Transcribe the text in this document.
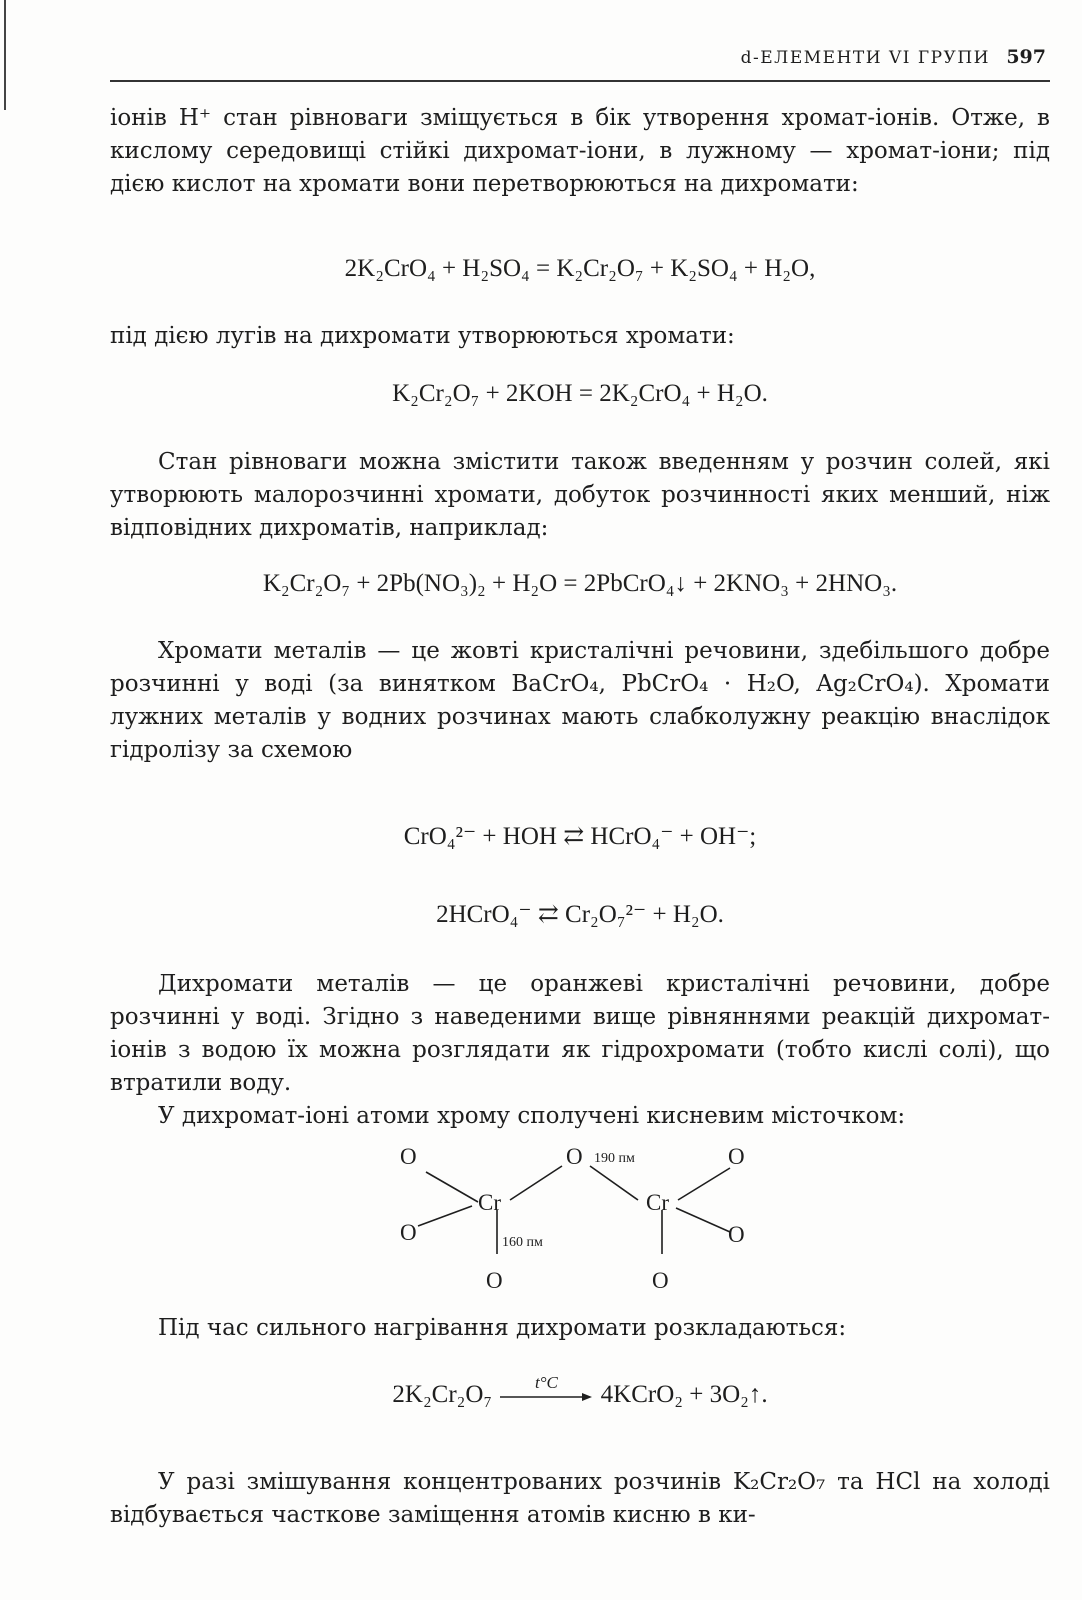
d-ЕЛЕМЕНТИ VI ГРУПИ 597

іонів H⁺ стан рівноваги зміщується в бік утворення хромат-іонів. Отже, в кислому середовищі стійкі дихромат-іони, в лужному — хромат-іони; під дією кислот на хромати вони перетворюються на дихромати:

2K₂CrO₄ + H₂SO₄ = K₂Cr₂O₇ + K₂SO₄ + H₂O,

під дією лугів на дихромати утворюються хромати:

K₂Cr₂O₇ + 2KOH = 2K₂CrO₄ + H₂O.

Стан рівноваги можна змістити також введенням у розчин солей, які утворюють малорозчинні хромати, добуток розчинності яких менший, ніж відповідних дихроматів, наприклад:

K₂Cr₂O₇ + 2Pb(NO₃)₂ + H₂O = 2PbCrO₄↓ + 2KNO₃ + 2HNO₃.

Хромати металів — це жовті кристалічні речовини, здебільшого добре розчинні у воді (за винятком BaCrO₄, PbCrO₄ · H₂O, Ag₂CrO₄). Хромати лужних металів у водних розчинах мають слабколужну реакцію внаслідок гідролізу за схемою

CrO₄²⁻ + HOH ⇄ HCrO₄⁻ + OH⁻;

2HCrO₄⁻ ⇄ Cr₂O₇²⁻ + H₂O.

Дихромати металів — це оранжеві кристалічні речовини, добре розчинні у воді. Згідно з наведеними вище рівняннями реакцій дихромат-іонів з водою їх можна розглядати як гідрохромати (тобто кислі солі), що втратили воду.

У дихромат-іоні атоми хрому сполучені кисневим місточком:

O
O
Cr
O
O 190 пм
160 пм
Cr
O
O
O

Під час сильного нагрівання дихромати розкладаються:

2K₂Cr₂O₇	t°C	4KCrO₂ + 3O₂↑.

У разі змішування концентрованих розчинів K₂Cr₂O₇ та HCl на холоді відбувається часткове заміщення атомів кисню в ки-
